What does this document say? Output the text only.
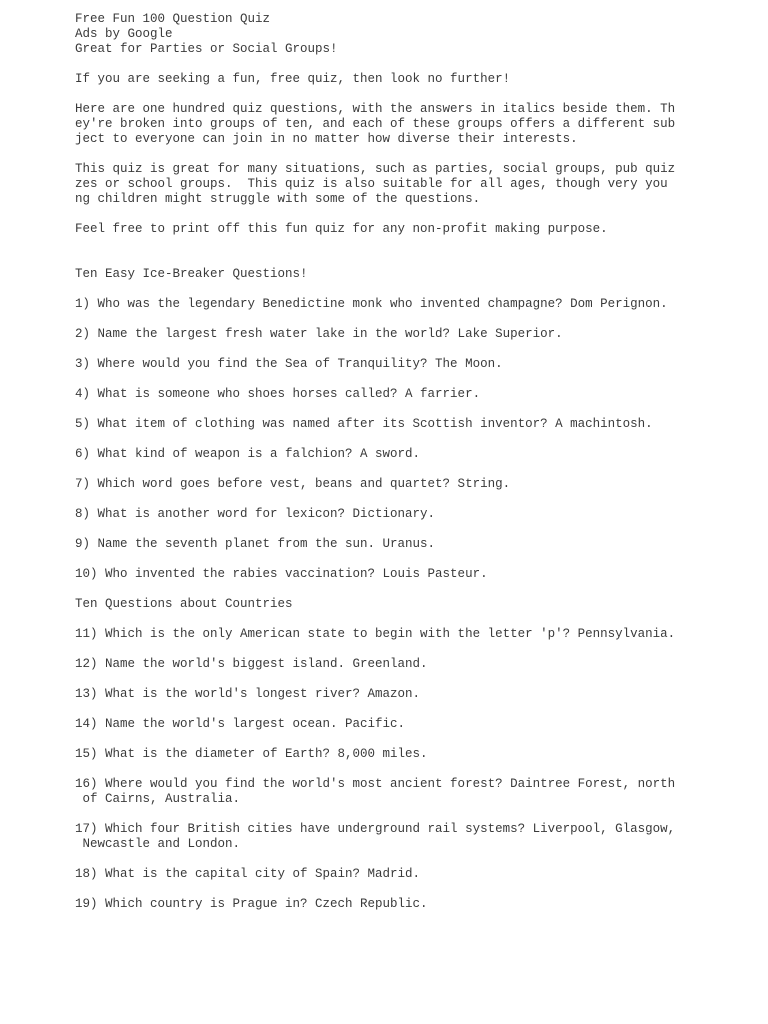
Free Fun 100 Question Quiz
Ads by Google
Great for Parties or Social Groups!
If you are seeking a fun, free quiz, then look no further!
Here are one hundred quiz questions, with the answers in italics beside them. Th
ey're broken into groups of ten, and each of these groups offers a different sub
ject to everyone can join in no matter how diverse their interests.
This quiz is great for many situations, such as parties, social groups, pub quiz
zes or school groups.  This quiz is also suitable for all ages, though very you
ng children might struggle with some of the questions.
Feel free to print off this fun quiz for any non-profit making purpose.
Ten Easy Ice-Breaker Questions!
1) Who was the legendary Benedictine monk who invented champagne? Dom Perignon.
2) Name the largest fresh water lake in the world? Lake Superior.
3) Where would you find the Sea of Tranquility? The Moon.
4) What is someone who shoes horses called? A farrier.
5) What item of clothing was named after its Scottish inventor? A machintosh.
6) What kind of weapon is a falchion? A sword.
7) Which word goes before vest, beans and quartet? String.
8) What is another word for lexicon? Dictionary.
9) Name the seventh planet from the sun. Uranus.
10) Who invented the rabies vaccination? Louis Pasteur.
Ten Questions about Countries
11) Which is the only American state to begin with the letter 'p'? Pennsylvania.
12) Name the world's biggest island. Greenland.
13) What is the world's longest river? Amazon.
14) Name the world's largest ocean. Pacific.
15) What is the diameter of Earth? 8,000 miles.
16) Where would you find the world's most ancient forest? Daintree Forest, north
of Cairns, Australia.
17) Which four British cities have underground rail systems? Liverpool, Glasgow,
Newcastle and London.
18) What is the capital city of Spain? Madrid.
19) Which country is Prague in? Czech Republic.
